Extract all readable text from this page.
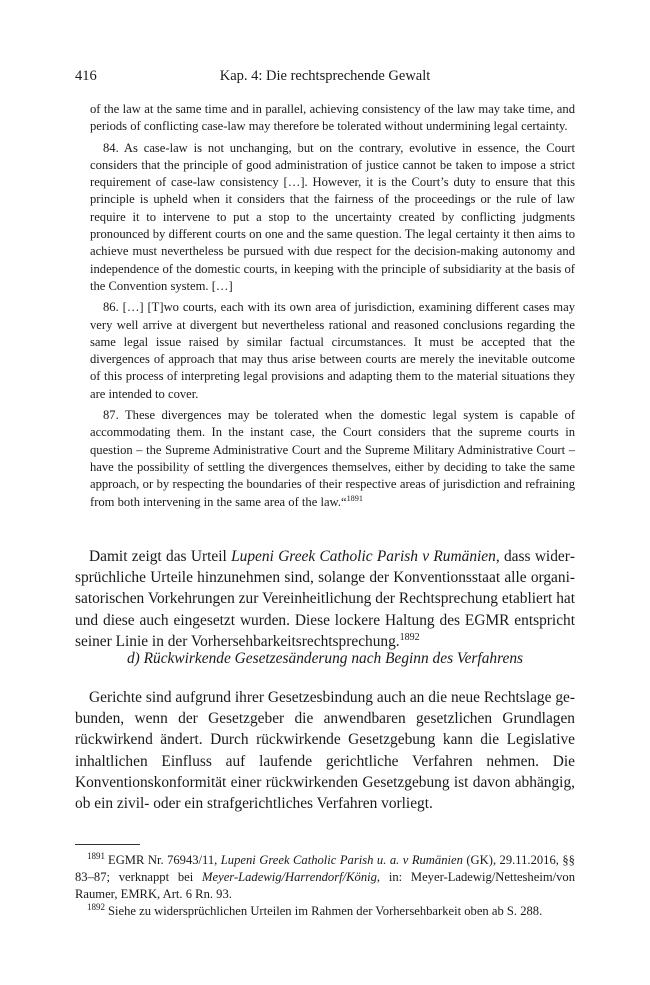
416	Kap. 4: Die rechtsprechende Gewalt

of the law at the same time and in parallel, achieving consistency of the law may take time, and periods of conflicting case-law may therefore be tolerated without undermining legal certainty.

84. As case-law is not unchanging, but on the contrary, evolutive in essence, the Court considers that the principle of good administration of justice cannot be taken to impose a strict requirement of case-law consistency […]. However, it is the Court’s duty to ensure that this principle is upheld when it considers that the fairness of the proceedings or the rule of law require it to intervene to put a stop to the uncertainty created by conflicting judgments pronounced by different courts on one and the same question. The legal certainty it then aims to achieve must nevertheless be pursued with due respect for the decision-making autonomy and independence of the domestic courts, in keeping with the principle of subsidiarity at the basis of the Convention system. […]

86. […] [T]wo courts, each with its own area of jurisdiction, examining different cases may very well arrive at divergent but nevertheless rational and reasoned conclusions regarding the same legal issue raised by similar factual circumstances. It must be accepted that the divergences of approach that may thus arise between courts are merely the inevitable outcome of this process of interpreting legal provisions and adapting them to the material situations they are intended to cover.

87. These divergences may be tolerated when the domestic legal system is capable of accommodating them. In the instant case, the Court considers that the supreme courts in question – the Supreme Administrative Court and the Supreme Military Administrative Court – have the possibility of settling the divergences themselves, either by deciding to take the same approach, or by respecting the boundaries of their respective areas of jurisdiction and refraining from both intervening in the same area of the law.“$^{1891}$

Damit zeigt das Urteil Lupeni Greek Catholic Parish v Rumänien, dass widersprüchliche Urteile hinzunehmen sind, solange der Konventionsstaat alle organisatorischen Vorkehrungen zur Vereinheitlichung der Rechtsprechung etabliert hat und diese auch eingesetzt wurden. Diese lockere Haltung des EGMR entspricht seiner Linie in der Vorhersehbarkeitsrechtsprechung.$^{1892}$

d) Rückwirkende Gesetzesänderung nach Beginn des Verfahrens

Gerichte sind aufgrund ihrer Gesetzesbindung auch an die neue Rechtslage gebunden, wenn der Gesetzgeber die anwendbaren gesetzlichen Grundlagen rückwirkend ändert. Durch rückwirkende Gesetzgebung kann die Legislative inhaltlichen Einfluss auf laufende gerichtliche Verfahren nehmen. Die Konventionskonformität einer rückwirkenden Gesetzgebung ist davon abhängig, ob ein zivil- oder ein strafgerichtliches Verfahren vorliegt.

$^{1891}$ EGMR Nr. 76943/11, Lupeni Greek Catholic Parish u. a. v Rumänien (GK), 29.11.2016, §§ 83–87; verknappt bei Meyer-Ladewig/Harrendorf/König, in: Meyer-Ladewig/Nettesheim/von Raumer, EMRK, Art. 6 Rn. 93.

$^{1892}$ Siehe zu widersprüchlichen Urteilen im Rahmen der Vorhersehbarkeit oben ab S. 288.
